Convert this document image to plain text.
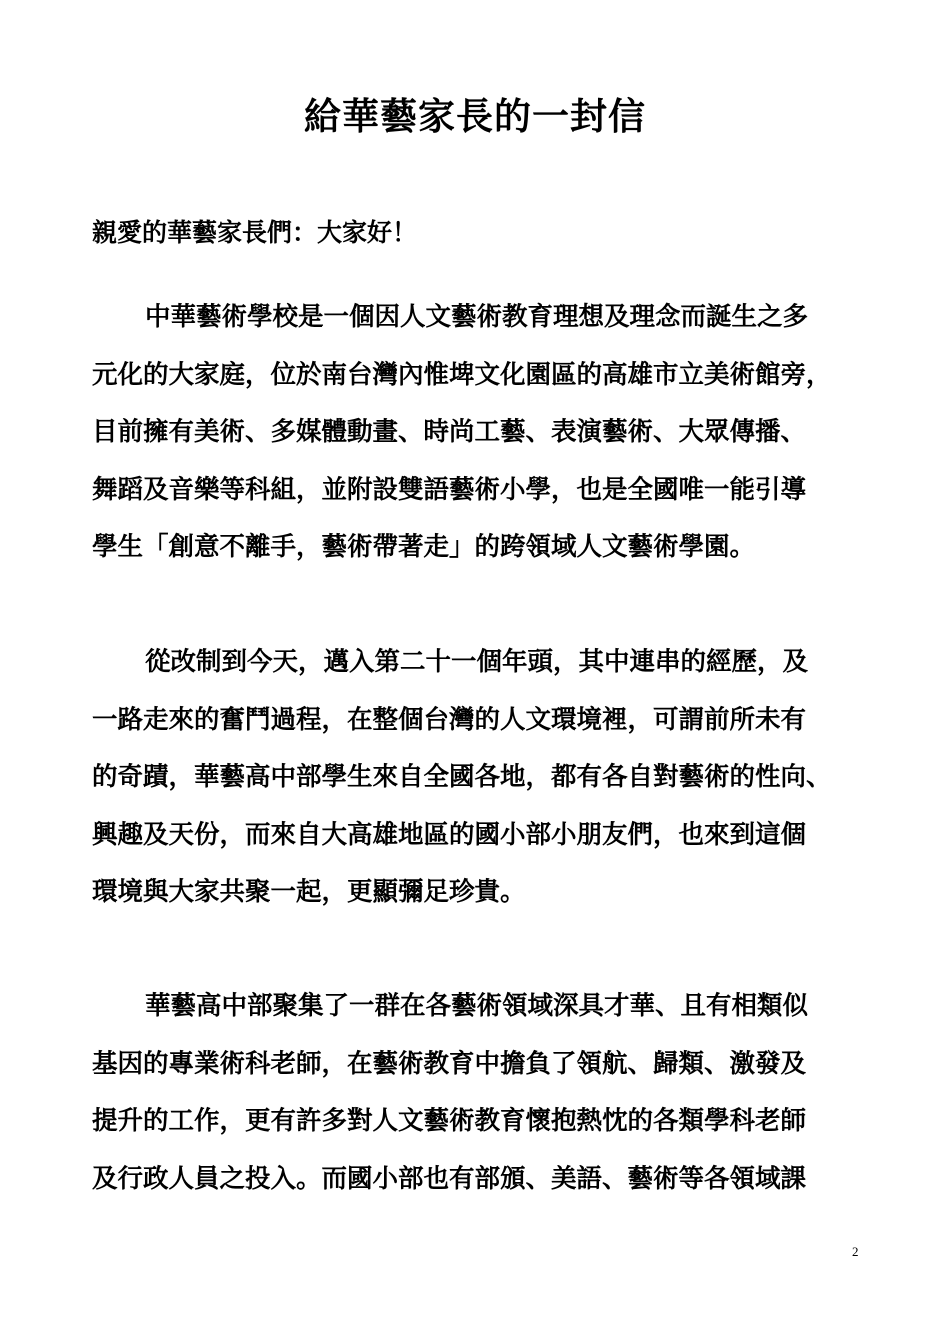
給華藝家長的一封信

親愛的華藝家長們：大家好！

中華藝術學校是一個因人文藝術教育理想及理念而誕生之多
元化的大家庭，位於南台灣內惟埤文化園區的高雄市立美術館旁，
目前擁有美術、多媒體動畫、時尚工藝、表演藝術、大眾傳播、
舞蹈及音樂等科組，並附設雙語藝術小學，也是全國唯一能引導
學生「創意不離手，藝術帶著走」的跨領域人文藝術學園。
從改制到今天，邁入第二十一個年頭，其中連串的經歷，及
一路走來的奮鬥過程，在整個台灣的人文環境裡，可謂前所未有
的奇蹟，華藝高中部學生來自全國各地，都有各自對藝術的性向、
興趣及天份，而來自大高雄地區的國小部小朋友們，也來到這個
環境與大家共聚一起，更顯彌足珍貴。
華藝高中部聚集了一群在各藝術領域深具才華、且有相類似
基因的專業術科老師，在藝術教育中擔負了領航、歸類、激發及
提升的工作，更有許多對人文藝術教育懷抱熱忱的各類學科老師
及行政人員之投入。而國小部也有部頒、美語、藝術等各領域課
2
